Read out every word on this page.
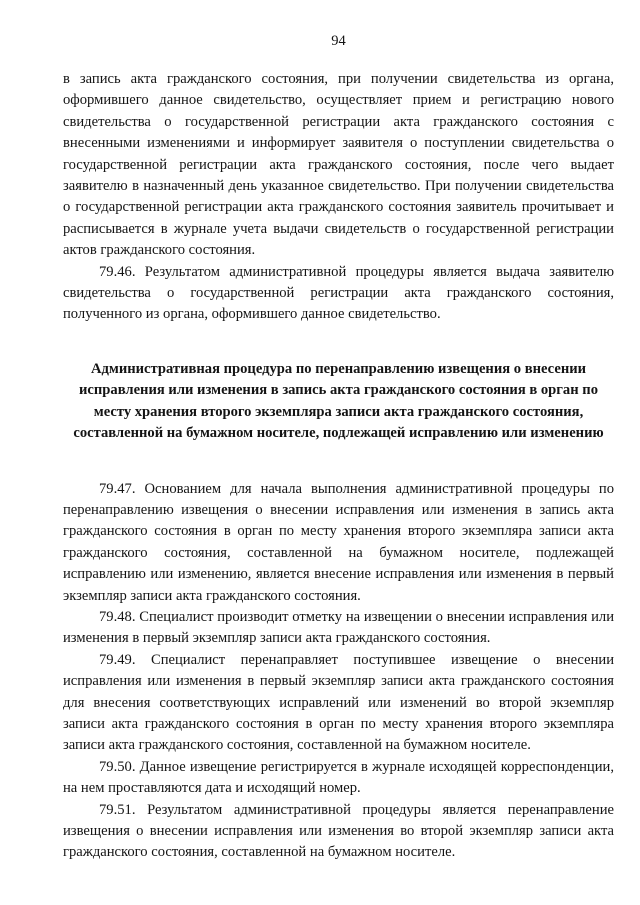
94

в запись акта гражданского состояния, при получении свидетельства из органа, оформившего данное свидетельство, осуществляет прием и регистрацию нового свидетельства о государственной регистрации акта гражданского состояния с внесенными изменениями и информирует заявителя о поступлении свидетельства о государственной регистрации акта гражданского состояния, после чего выдает заявителю в назначенный день указанное свидетельство. При получении свидетельства о государственной регистрации акта гражданского состояния заявитель прочитывает и расписывается в журнале учета выдачи свидетельств о государственной регистрации актов гражданского состояния.

79.46. Результатом административной процедуры является выдача заявителю свидетельства о государственной регистрации акта гражданского состояния, полученного из органа, оформившего данное свидетельство.

Административная процедура по перенаправлению извещения о внесении исправления или изменения в запись акта гражданского состояния в орган по месту хранения второго экземпляра записи акта гражданского состояния, составленной на бумажном носителе, подлежащей исправлению или изменению

79.47. Основанием для начала выполнения административной процедуры по перенаправлению извещения о внесении исправления или изменения в запись акта гражданского состояния в орган по месту хранения второго экземпляра записи акта гражданского состояния, составленной на бумажном носителе, подлежащей исправлению или изменению, является внесение исправления или изменения в первый экземпляр записи акта гражданского состояния.

79.48. Специалист производит отметку на извещении о внесении исправления или изменения в первый экземпляр записи акта гражданского состояния.

79.49. Специалист перенаправляет поступившее извещение о внесении исправления или изменения в первый экземпляр записи акта гражданского состояния для внесения соответствующих исправлений или изменений во второй экземпляр записи акта гражданского состояния в орган по месту хранения второго экземпляра записи акта гражданского состояния, составленной на бумажном носителе.

79.50. Данное извещение регистрируется в журнале исходящей корреспонденции, на нем проставляются дата и исходящий номер.

79.51. Результатом административной процедуры является перенаправление извещения о внесении исправления или изменения во второй экземпляр записи акта гражданского состояния, составленной на бумажном носителе.
